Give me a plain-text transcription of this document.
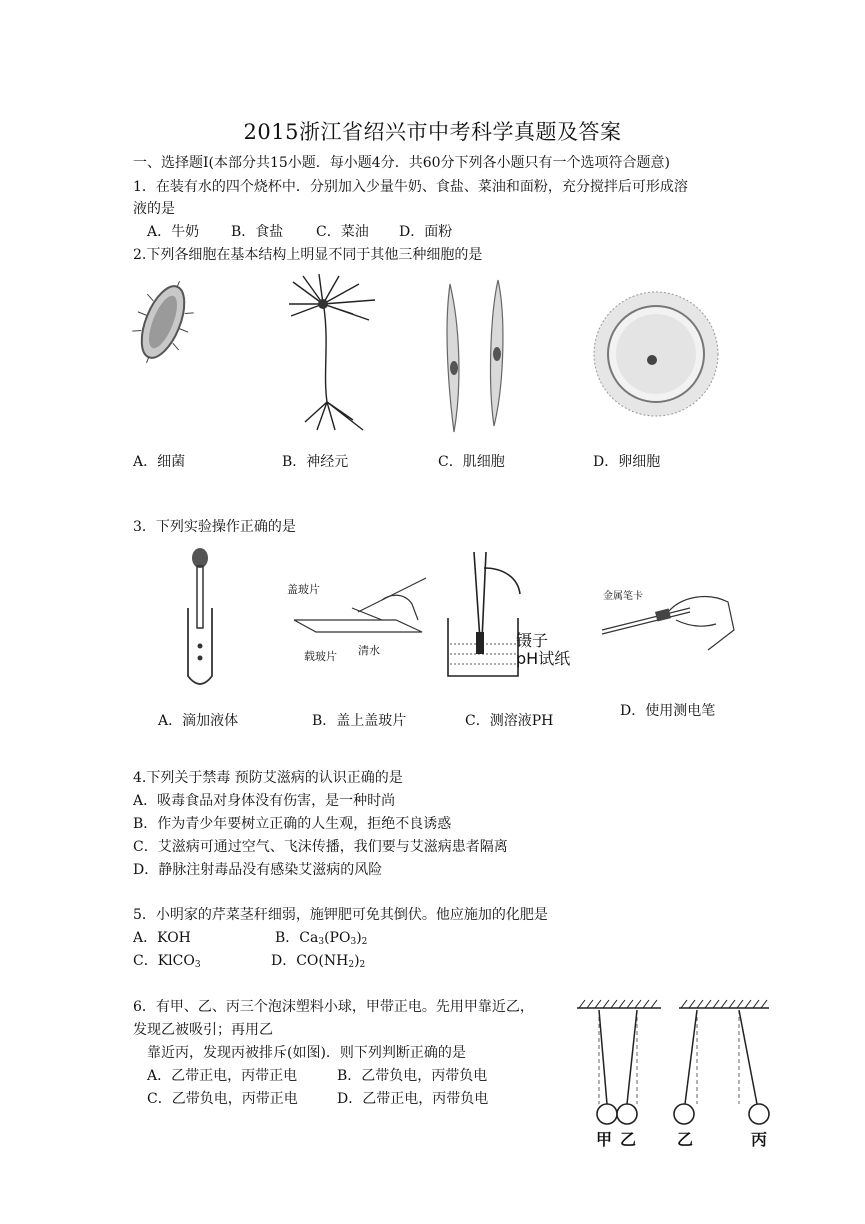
2015浙江省绍兴市中考科学真题及答案
一、选择题Ⅰ(本部分共15小题．每小题4分．共60分下列各小题只有一个选项符合题意)
1．在装有水的四个烧杯中．分别加入少量牛奶、食盐、菜油和面粉，充分搅拌后可形成溶
液的是
A．牛奶 B．食盐 C．菜油 D．面粉
2.下列各细胞在基本结构上明显不同于其他三种细胞的是
A．细菌	B．神经元	C．肌细胞	D．卵细胞
3．下列实验操作正确的是
盖玻片
载玻片 清水
镊子
pH试纸
金属笔卡
A．滴加液体	B．盖上盖玻片	C．测溶液PH
D．使用测电笔
4.下列关于禁毒 预防艾滋病的认识正确的是
A．吸毒食品对身体没有伤害，是一种时尚
B．作为青少年要树立正确的人生观，拒绝不良诱惑
C．艾滋病可通过空气、飞沫传播，我们要与艾滋病患者隔离
D．静脉注射毒品没有感染艾滋病的风险
5．小明家的芹菜茎秆细弱，施钾肥可免其倒伏。他应施加的化肥是
A．KOH	B．$Ca_3(PO_3)_2$
C．KlCO$_3$	D．$CO(NH_2)_2$
6．有甲、乙、丙三个泡沫塑料小球，甲带正电。先用甲靠近乙，
发现乙被吸引；再用乙
靠近丙，发现丙被排斥(如图)．则下列判断正确的是
A．乙带正电，丙带正电	B．乙带负电，丙带负电
C．乙带负电，丙带正电	D．乙带正电，丙带负电
甲 乙	乙	丙
